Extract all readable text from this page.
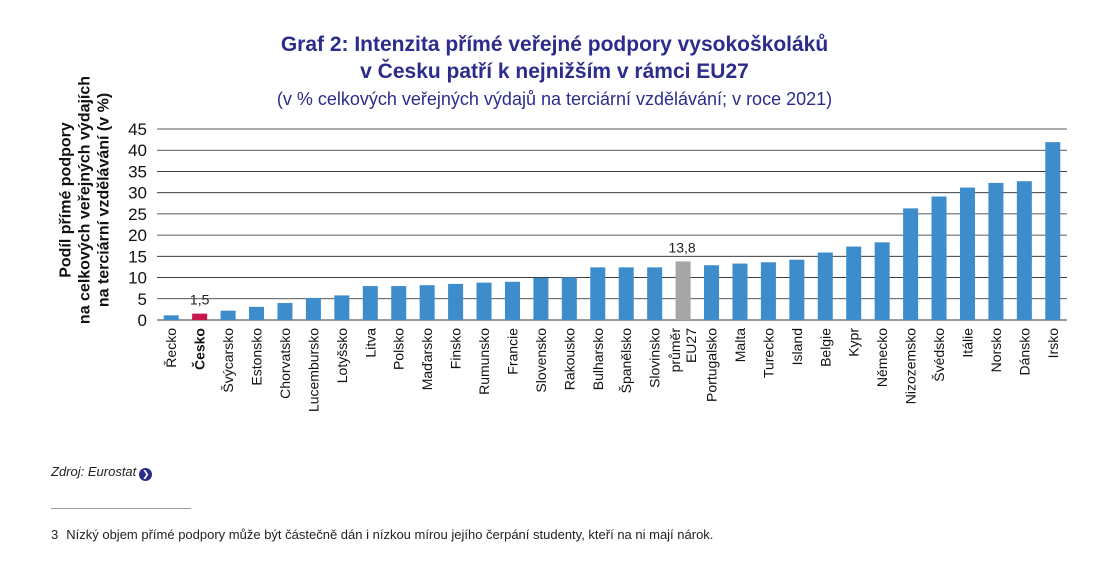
Graf 2: Intenzita přímé veřejné podpory vysokoškoláků
v Česku patří k nejnižším v rámci EU27
(v % celkových veřejných výdajů na terciární vzdělávání; v roce 2021)
Podíl přímé podpory na celkových veřejných výdajích na terciární vzdělávání (v %)
0
5
10
15
20
25
30
35
40
45
Řecko Česko Švýcarsko Estonsko Chorvatsko Lucembursko Lotyšsko Litva Polsko Maďarsko Finsko Rumunsko Francie Slovensko Rakousko Bulharsko Španělsko Slovinsko průměr EU27 Portugalsko Malta Turecko Island Belgie Kypr Německo Nizozemsko Švédsko Itálie Norsko Dánsko Irsko
1,5
13,8
Zdroj: Eurostat ❯
3 Nízký objem přímé podpory může být částečně dán i nízkou mírou jejího čerpání studenty, kteří na ni mají nárok.
